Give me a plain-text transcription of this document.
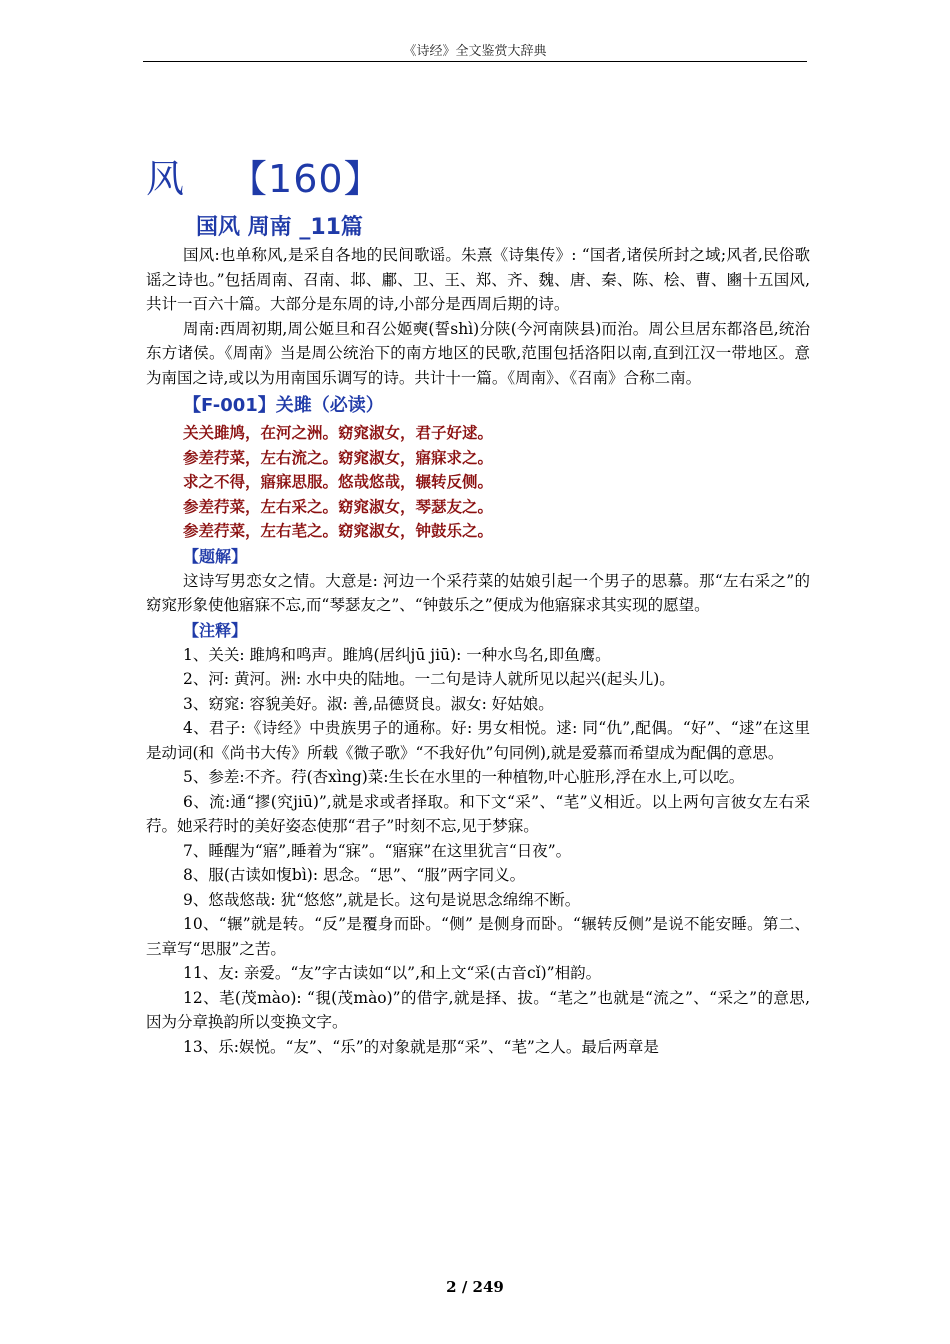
《诗经》全文鉴赏大辞典
风 【160】
国风 周南 _11篇

国风:也单称风,是采自各地的民间歌谣。朱熹《诗集传》: “国者,诸侯所封之域;风者,民俗歌谣之诗也。”包括周南、召南、邶、鄘、卫、王、郑、齐、魏、唐、秦、陈、桧、曹、豳十五国风,共计一百六十篇。大部分是东周的诗,小部分是西周后期的诗。

周南:西周初期,周公姬旦和召公姬奭(誓shì)分陕(今河南陕县)而治。周公旦居东都洛邑,统治东方诸侯。《周南》当是周公统治下的南方地区的民歌,范围包括洛阳以南,直到江汉一带地区。意为南国之诗,或以为用南国乐调写的诗。共计十一篇。《周南》、《召南》合称二南。

【F-001】关雎（必读）
关关雎鸠，在河之洲。窈窕淑女，君子好逑。
参差荇菜，左右流之。窈窕淑女，寤寐求之。
求之不得，寤寐思服。悠哉悠哉，辗转反侧。
参差荇菜，左右采之。窈窕淑女，琴瑟友之。
参差荇菜，左右芼之。窈窕淑女，钟鼓乐之。
【题解】

这诗写男恋女之情。大意是: 河边一个采荇菜的姑娘引起一个男子的思慕。那“左右采之”的窈窕形象使他寤寐不忘,而“琴瑟友之”、“钟鼓乐之”便成为他寤寐求其实现的愿望。

【注释】

1、关关: 雎鸠和鸣声。雎鸠(居纠jū jiū): 一种水鸟名,即鱼鹰。

2、河: 黄河。洲: 水中央的陆地。一二句是诗人就所见以起兴(起头儿)。

3、窈窕: 容貌美好。淑: 善,品德贤良。淑女: 好姑娘。

4、君子:《诗经》中贵族男子的通称。好: 男女相悦。逑: 同“仇”,配偶。“好”、“逑”在这里是动词(和《尚书大传》所载《微子歌》“不我好仇”句同例),就是爱慕而希望成为配偶的意思。

5、参差:不齐。荇(杏xìng)菜:生长在水里的一种植物,叶心脏形,浮在水上,可以吃。

6、流:通“摎(究jiū)”,就是求或者择取。和下文“采”、“芼”义相近。以上两句言彼女左右采荇。她采荇时的美好姿态使那“君子”时刻不忘,见于梦寐。

7、睡醒为“寤”,睡着为“寐”。“寤寐”在这里犹言“日夜”。

8、服(古读如愎bì): 思念。“思”、“服”两字同义。

9、悠哉悠哉: 犹“悠悠”,就是长。这句是说思念绵绵不断。

10、“辗”就是转。“反”是覆身而卧。“侧” 是侧身而卧。“辗转反侧”是说不能安睡。第二、三章写“思服”之苦。

11、友: 亲爱。“友”字古读如“以”,和上文“采(古音cǐ)”相韵。

12、芼(茂mào): “覒(茂mào)”的借字,就是择、拔。“芼之”也就是“流之”、“采之”的意思,因为分章换韵所以变换文字。

13、乐:娱悦。“友”、“乐”的对象就是那“采”、“芼”之人。最后两章是

2 / 249
